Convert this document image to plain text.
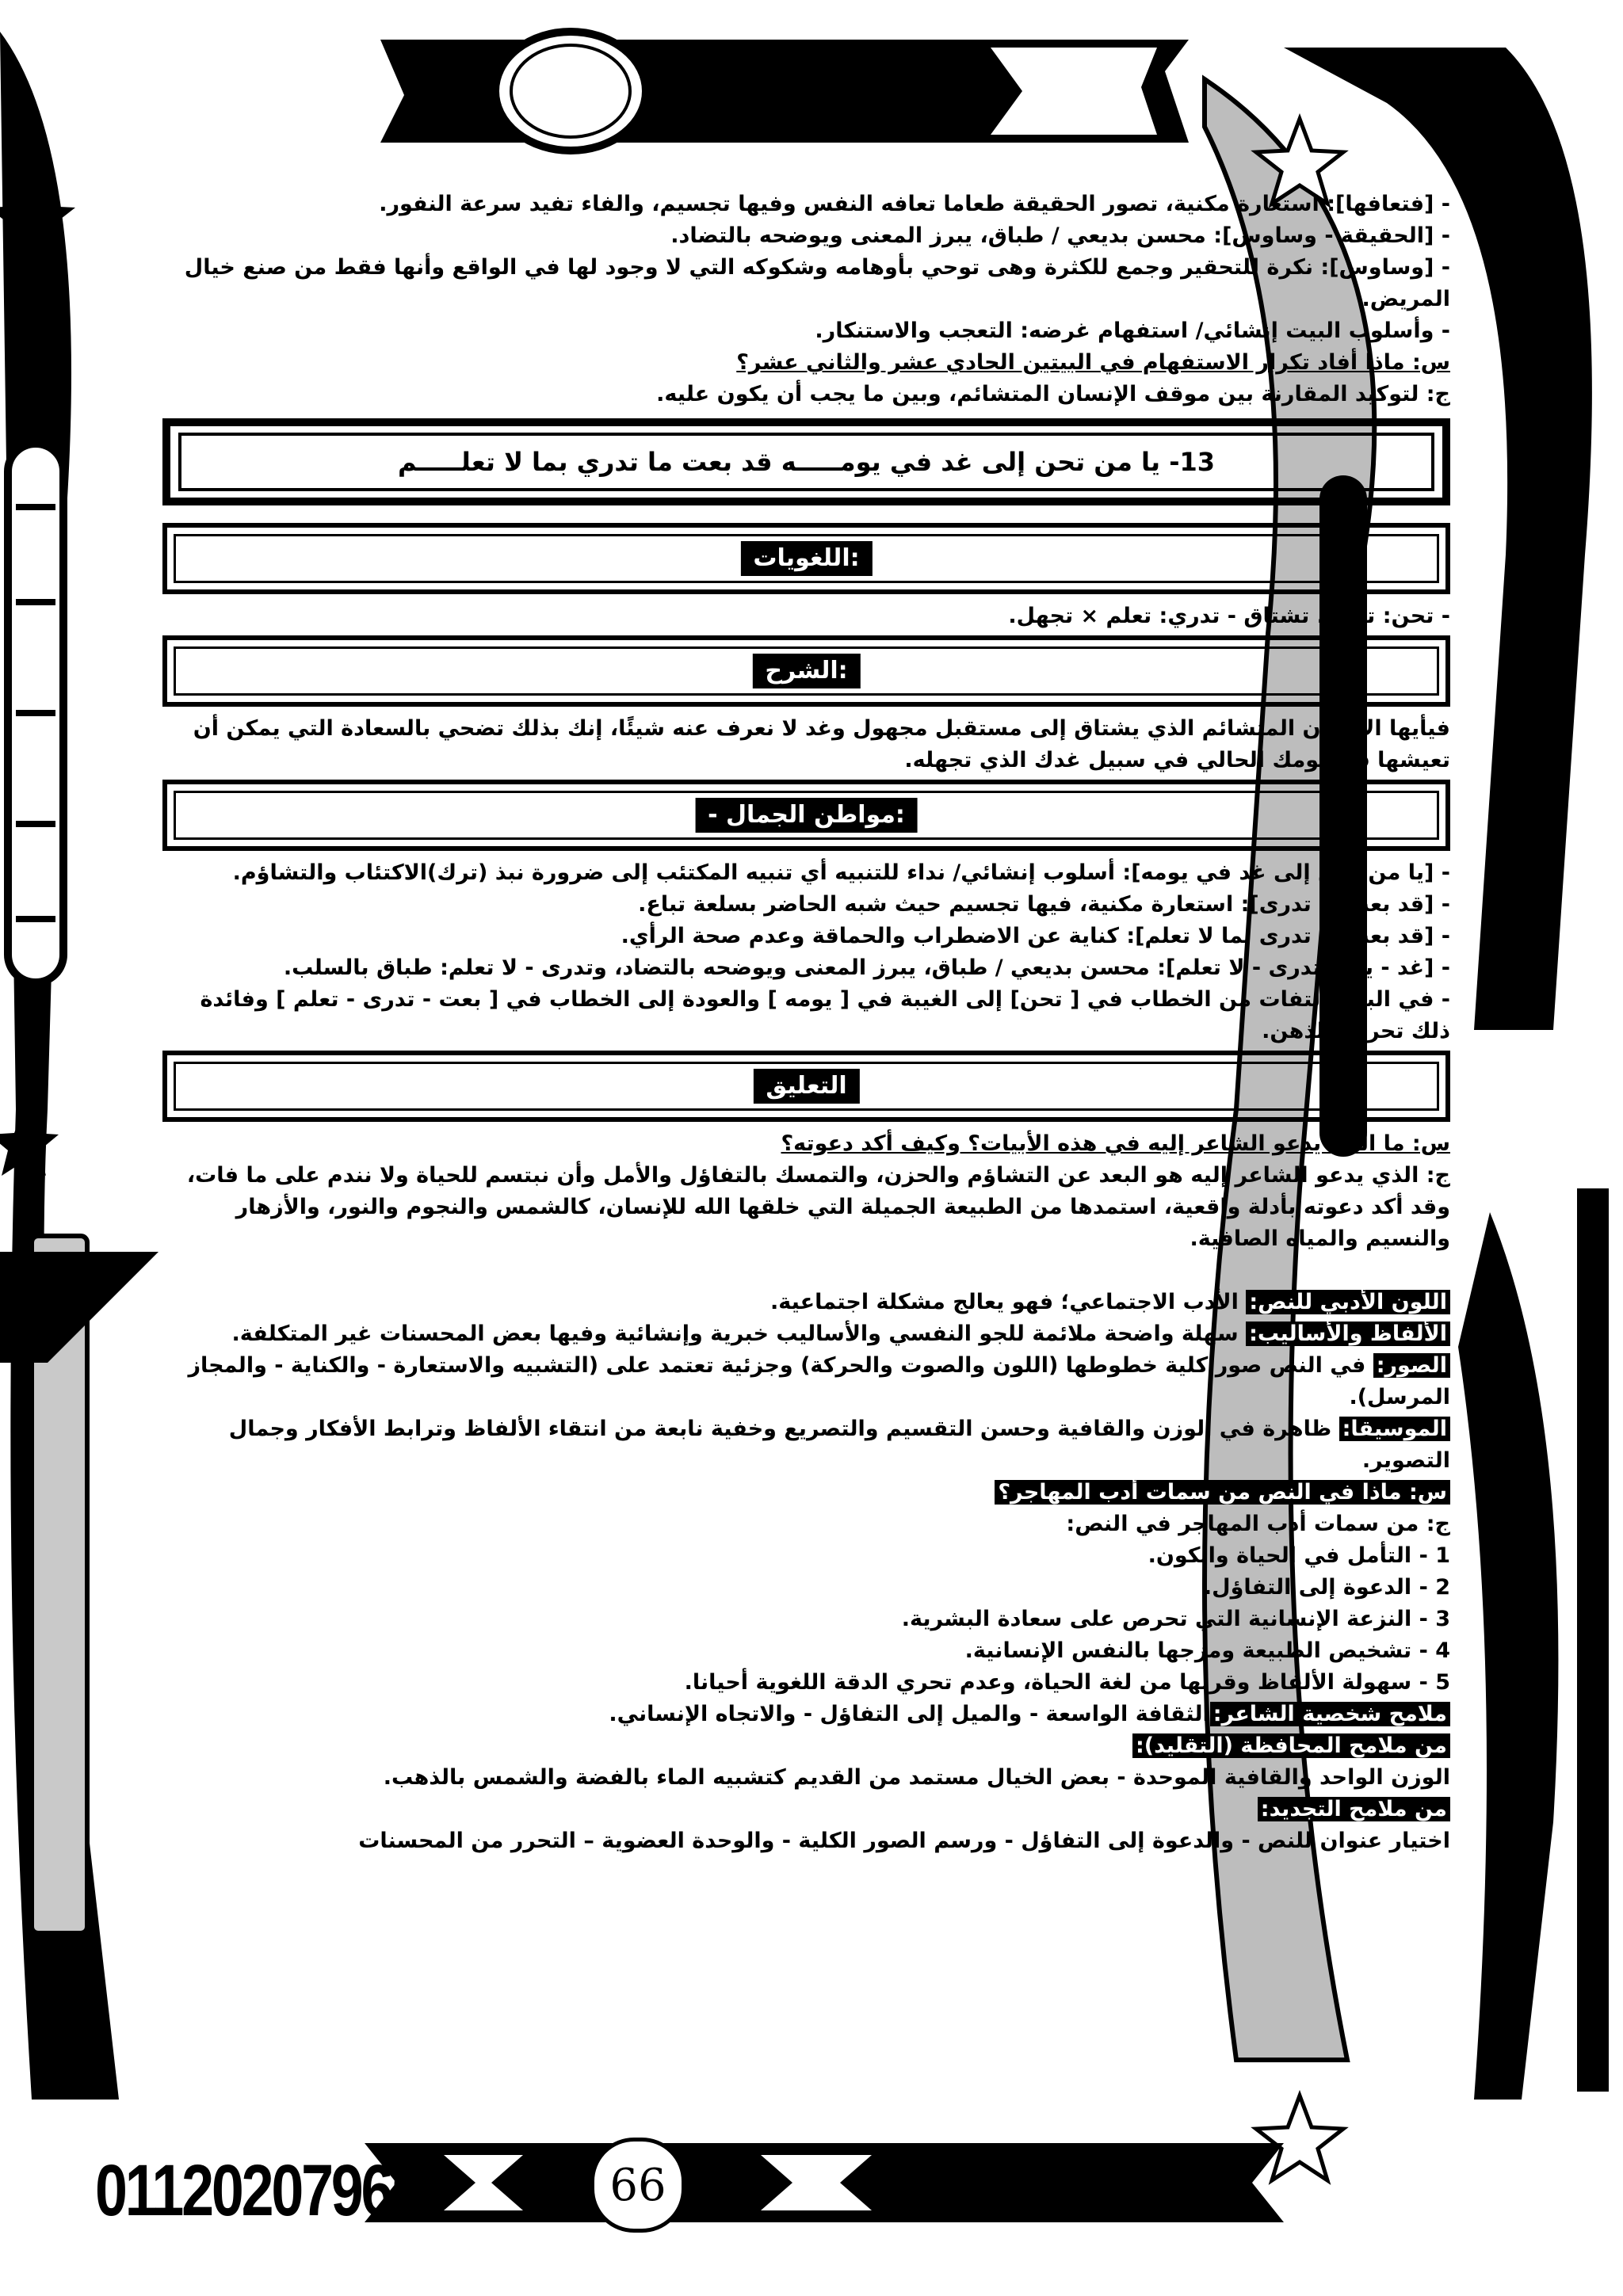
- [فتعافها]: استعارة مكنية، تصور الحقيقة طعاما تعافه النفس وفيها تجسيم، والفاء تفيد سرعة النفور.

- [الحقيقة - وساوس]: محسن بديعي / طباق، يبرز المعنى ويوضحه بالتضاد.

- [وساوس]: نكرة للتحقير وجمع للكثرة وهى توحي بأوهامه وشكوكه التي لا وجود لها في الواقع وأنها فقط من صنع خيال المريض.

- وأسلوب البيت إنشائي/ استفهام غرضه: التعجب والاستنكار.

س: ماذا أفاد تكرار الاستفهام في البيتين الحادي عشر والثاني عشر؟

ج: لتوكيد المقارنة بين موقف الإنسان المتشائم، وبين ما يجب أن يكون عليه.

13- يا من تحن إلى غد في يومـــــه قد بعت ما تدري بما لا تعلـــــم
:اللغويات

- تحن: تميل، تشتاق - تدري: تعلم × تجهل.

:الشرح

فيأيها الإنسان المتشائم الذي يشتاق إلى مستقبل مجهول وغد لا نعرف عنه شيئًا، إنك بذلك تضحي بالسعادة التي يمكن أن تعيشها في يومك الحالي في سبيل غدك الذي تجهله.

:مواطن الجمال -

- [يا من تحن إلى غد في يومه]: أسلوب إنشائي/ نداء للتنبيه أي تنبيه المكتئب إلى ضرورة نبذ (ترك)الاكتئاب والتشاؤم.

- [قد بعت ما تدرى]: استعارة مكنية، فيها تجسيم حيث شبه الحاضر بسلعة تباع.

- [قد بعت ما تدرى بما لا تعلم]: كناية عن الاضطراب والحماقة وعدم صحة الرأي.

- [غد - يوم، تدرى - لا تعلم]: محسن بديعي / طباق، يبرز المعنى ويوضحه بالتضاد، وتدرى - لا تعلم: طباق بالسلب.

- في البيت التفات من الخطاب في [ تحن] إلى الغيبة في [ يومه ] والعودة إلى الخطاب في [ بعت - تدرى - تعلم ] وفائدة ذلك تحريك الذهن.

التعليق

س: ما الذي يدعو الشاعر إليه في هذه الأبيات؟ وكيف أكد دعوته؟

ج: الذي يدعو الشاعر إليه هو البعد عن التشاؤم والحزن، والتمسك بالتفاؤل والأمل وأن نبتسم للحياة ولا نندم على ما فات، وقد أكد دعوته بأدلة واقعية، استمدها من الطبيعة الجميلة التي خلقها الله للإنسان، كالشمس والنجوم والنور، والأزهار والنسيم والمياه الصافية.

اللون الأدبي للنص: الأدب الاجتماعي؛ فهو يعالج مشكلة اجتماعية.

الألفاظ والأساليب: سهلة واضحة ملائمة للجو النفسي والأساليب خبرية وإنشائية وفيها بعض المحسنات غير المتكلفة.

الصور: في النص صور كلية خطوطها (اللون والصوت والحركة) وجزئية تعتمد على (التشبيه والاستعارة - والكناية - والمجاز المرسل).

الموسيقا: ظاهرة في الوزن والقافية وحسن التقسيم والتصريع وخفية نابعة من انتقاء الألفاظ وترابط الأفكار وجمال التصوير.

س: ماذا في النص من سمات أدب المهاجر؟

ج: من سمات أدب المهاجر في النص:

1 - التأمل في الحياة والكون.

2 - الدعوة إلى التفاؤل.

3 - النزعة الإنسانية التي تحرص على سعادة البشرية.

4 - تشخيص الطبيعة ومزجها بالنفس الإنسانية.

5 - سهولة الألفاظ وقربها من لغة الحياة، وعدم تحري الدقة اللغوية أحيانا.

ملامح شخصية الشاعر:الثقافة الواسعة - والميل إلى التفاؤل - والاتجاه الإنساني.

من ملامح المحافظة (التقليد):

الوزن الواحد والقافية الموحدة - بعض الخيال مستمد من القديم كتشبيه الماء بالفضة والشمس بالذهب.

من ملامح التجديد:

اختيار عنوان للنص - والدعوة إلى التفاؤل - ورسم الصور الكلية - والوحدة العضوية – التحرر من المحسنات

01120207965	66
